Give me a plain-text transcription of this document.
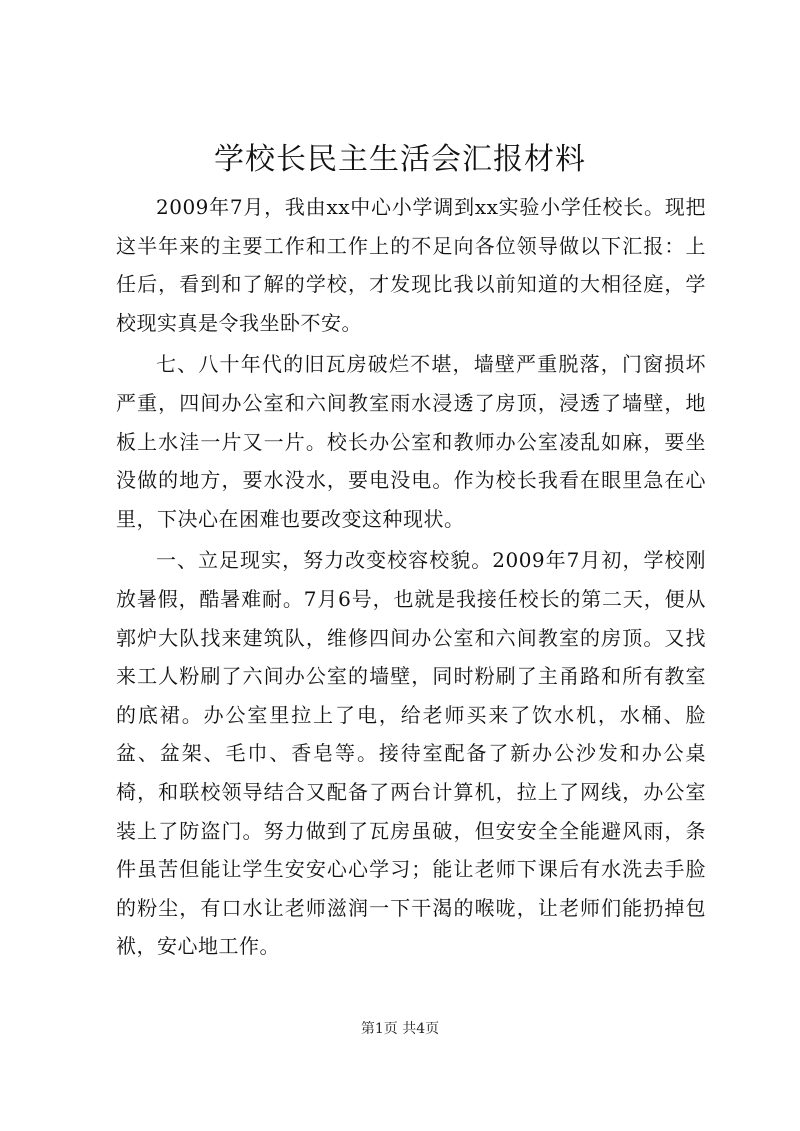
学校长民主生活会汇报材料

2009年7月，我由xx中心小学调到xx实验小学任校长。现把这半年来的主要工作和工作上的不足向各位领导做以下汇报：上任后，看到和了解的学校，才发现比我以前知道的大相径庭，学校现实真是令我坐卧不安。

七、八十年代的旧瓦房破烂不堪，墙壁严重脱落，门窗损坏严重，四间办公室和六间教室雨水浸透了房顶，浸透了墙壁，地板上水洼一片又一片。校长办公室和教师办公室凌乱如麻，要坐没做的地方，要水没水，要电没电。作为校长我看在眼里急在心里，下决心在困难也要改变这种现状。

一、立足现实，努力改变校容校貌。2009年7月初，学校刚放暑假，酷暑难耐。7月6号，也就是我接任校长的第二天，便从郭炉大队找来建筑队，维修四间办公室和六间教室的房顶。又找来工人粉刷了六间办公室的墙壁，同时粉刷了主甬路和所有教室的底裙。办公室里拉上了电，给老师买来了饮水机，水桶、脸盆、盆架、毛巾、香皂等。接待室配备了新办公沙发和办公桌椅，和联校领导结合又配备了两台计算机，拉上了网线，办公室装上了防盗门。努力做到了瓦房虽破，但安安全全能避风雨，条件虽苦但能让学生安安心心学习；能让老师下课后有水洗去手脸的粉尘，有口水让老师滋润一下干渴的喉咙，让老师们能扔掉包袱，安心地工作。

第1页 共4页
